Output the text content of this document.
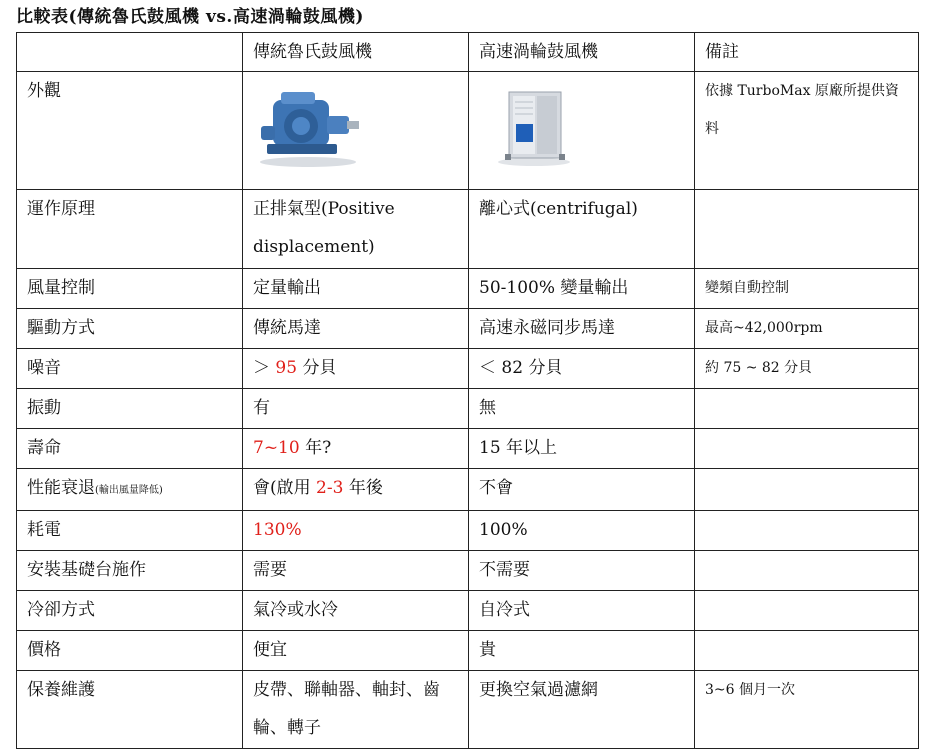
比較表(傳統魯氏鼓風機 vs.高速渦輪鼓風機)
	傳統魯氏鼓風機	高速渦輪鼓風機	備註
外觀			依據 TurboMax 原廠所提供資料
運作原理	正排氣型(Positive displacement)	離心式(centrifugal)	
風量控制	定量輸出	50-100% 變量輸出	變頻自動控制
驅動方式	傳統馬達	高速永磁同步馬達	最高~42,000rpm
噪音	＞ 95 分貝	＜ 82 分貝	約 75 ~ 82 分貝
振動	有	無	
壽命	7~10 年?	15 年以上	
性能衰退(輸出風量降低)	會(啟用 2-3 年後	不會	
耗電	130%	100%	
安裝基礎台施作	需要	不需要	
冷卻方式	氣冷或水冷	自冷式	
價格	便宜	貴	
保養維護	皮帶、聯軸器、軸封、齒輪、轉子	更換空氣過濾網	3~6 個月一次
